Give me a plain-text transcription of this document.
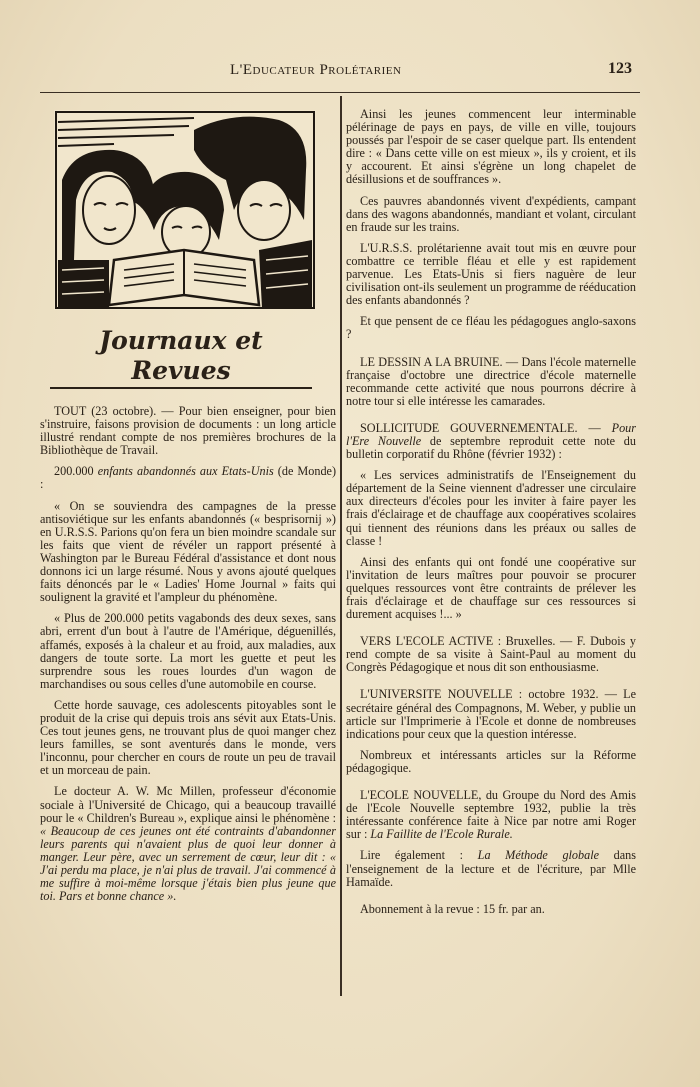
L'Educateur Prolétarien	123
Journaux et Revues

TOUT (23 octobre). — Pour bien enseigner, pour bien s'instruire, faisons provision de documents : un long article illustré rendant compte de nos premières brochures de la Bibliothèque de Travail.

200.000 enfants abandonnés aux Etats-Unis (de Monde) :

« On se souviendra des campagnes de la presse antisoviétique sur les enfants abandonnés (« besprisornij ») en U.R.S.S. Parions qu'on fera un bien moindre scandale sur les faits que vient de révéler un rapport présenté à Washington par le Bureau Fédéral d'assistance et dont nous donnons ici un large résumé. Nous y avons ajouté quelques faits dénoncés par le « Ladies' Home Journal » faits qui soulignent la gravité et l'ampleur du phénomène.

« Plus de 200.000 petits vagabonds des deux sexes, sans abri, errent d'un bout à l'autre de l'Amérique, déguenillés, affamés, exposés à la chaleur et au froid, aux maladies, aux dangers de toute sorte. La mort les guette et peut les surprendre sous les roues lourdes d'un wagon de marchandises ou sous celles d'une automobile en course.

Cette horde sauvage, ces adolescents pitoyables sont le produit de la crise qui depuis trois ans sévit aux Etats-Unis. Ces tout jeunes gens, ne trouvant plus de quoi manger chez leurs familles, se sont aventurés dans le monde, vers l'inconnu, pour chercher en cours de route un peu de travail et un morceau de pain.

Le docteur A. W. Mc Millen, professeur d'économie sociale à l'Université de Chicago, qui a beaucoup travaillé pour le « Children's Bureau », explique ainsi le phénomène : « Beaucoup de ces jeunes ont été contraints d'abandonner leurs parents qui n'avaient plus de quoi leur donner à manger. Leur père, avec un serrement de cœur, leur dit : « J'ai perdu ma place, je n'ai plus de travail. J'ai commencé à me suffire à moi-même lorsque j'étais bien plus jeune que toi. Pars et bonne chance ».

Ainsi les jeunes commencent leur interminable pélérinage de pays en pays, de ville en ville, toujours poussés par l'espoir de se caser quelque part. Ils entendent dire : « Dans cette ville on est mieux », ils y croient, et ils y accourent. Et ainsi s'égrène un long chapelet de désillusions et de souffrances ».

Ces pauvres abandonnés vivent d'expédients, campant dans des wagons abandonnés, mandiant et volant, circulant en fraude sur les trains.

L'U.R.S.S. prolétarienne avait tout mis en œuvre pour combattre ce terrible fléau et elle y est rapidement parvenue. Les Etats-Unis si fiers naguère de leur civilisation ont-ils seulement un programme de rééducation des enfants abandonnés ?

Et que pensent de ce fléau les pédagogues anglo-saxons ?

LE DESSIN A LA BRUINE. — Dans l'école maternelle française d'octobre une directrice d'école maternelle recommande cette activité que nous pourrons décrire à notre tour si elle intéresse les camarades.

SOLLICITUDE GOUVERNEMENTALE. — Pour l'Ere Nouvelle de septembre reproduit cette note du bulletin corporatif du Rhône (février 1932) :

« Les services administratifs de l'Enseignement du département de la Seine viennent d'adresser une circulaire aux directeurs d'écoles pour les inviter à faire payer les frais d'éclairage et de chauffage aux coopératives scolaires qui tiennent des réunions dans les préaux ou salles de classe !

Ainsi des enfants qui ont fondé une coopérative sur l'invitation de leurs maîtres pour pouvoir se procurer quelques ressources vont être contraints de prélever les frais d'éclairage et de chauffage sur ces ressources si durement acquises !... »

VERS L'ECOLE ACTIVE : Bruxelles. — F. Dubois y rend compte de sa visite à Saint-Paul au moment du Congrès Pédagogique et nous dit son enthousiasme.

L'UNIVERSITE NOUVELLE : octobre 1932. — Le secrétaire général des Compagnons, M. Weber, y publie un article sur l'Imprimerie à l'Ecole et donne de nombreuses indications pour ceux que la question intéresse.

Nombreux et intéressants articles sur la Réforme pédagogique.

L'ECOLE NOUVELLE, du Groupe du Nord des Amis de l'Ecole Nouvelle septembre 1932, publie la très intéressante conférence faite à Nice par notre ami Roger sur : La Faillite de l'Ecole Rurale.

Lire également : La Méthode globale dans l'enseignement de la lecture et de l'écriture, par Mlle Hamaïde.

Abonnement à la revue : 15 fr. par an.
